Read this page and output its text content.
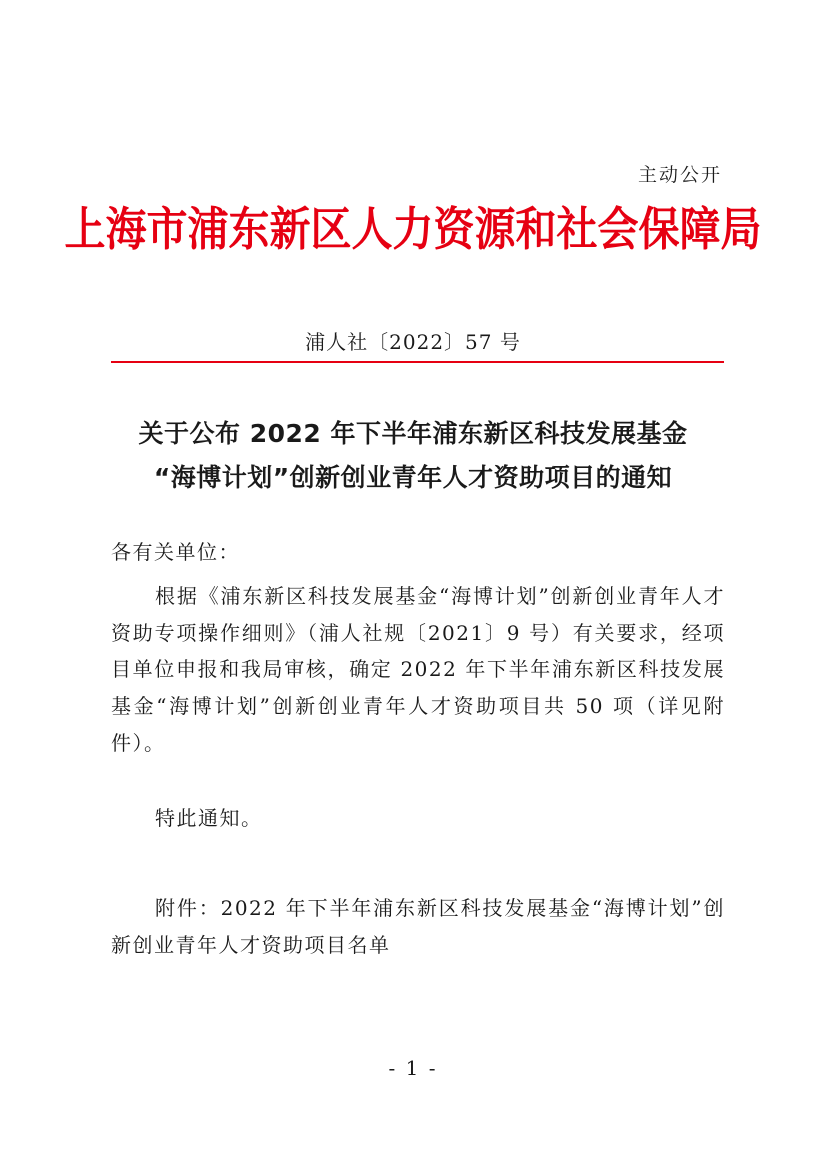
主动公开
上海市浦东新区人力资源和社会保障局
浦人社〔2022〕57 号
关于公布 2022 年下半年浦东新区科技发展基金
“海博计划”创新创业青年人才资助项目的通知
各有关单位：
根据《浦东新区科技发展基金“海博计划”创新创业青年人才资助专项操作细则》（浦人社规〔2021〕9 号）有关要求，经项目单位申报和我局审核，确定 2022 年下半年浦东新区科技发展基金“海博计划”创新创业青年人才资助项目共 50 项（详见附件）。
特此通知。
附件：2022 年下半年浦东新区科技发展基金“海博计划”创新创业青年人才资助项目名单
- 1 -
